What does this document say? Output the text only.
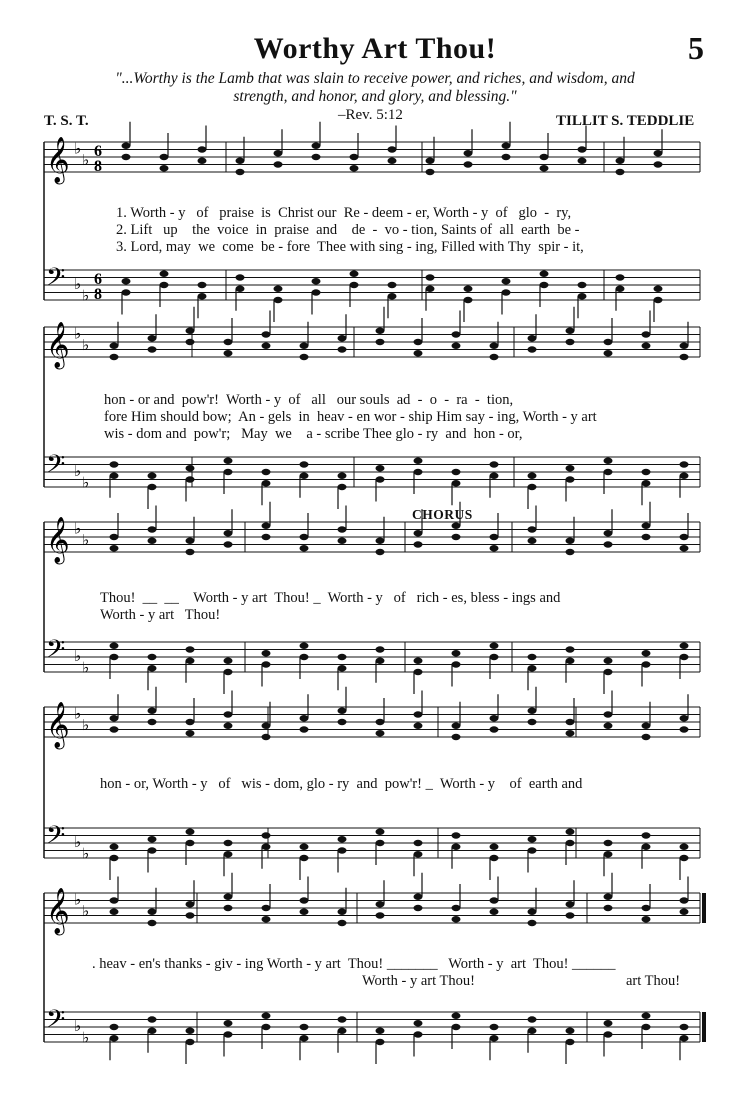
Worthy Art Thou!	5
"...Worthy is the Lamb that was slain to receive power, and riches, and wisdom, and
strength, and honor, and glory, and blessing."
–Rev. 5:12
T. S. T.	TILLIT S. TEDDLIE
CHORUS
𝄞 ♭
♭ 6
8
𝄢 ♭
♭
6
8
𝄞 ♭
♭
𝄢 ♭
♭
𝄞 ♭
♭
𝄢 ♭
♭
𝄞 ♭
♭
𝄢 ♭
♭
𝄞 ♭
♭
𝄢 ♭
♭
1. Worth - y   of   praise  is  Christ our  Re - deem - er, Worth - y  of   glo  -  ry,
2. Lift   up    the  voice  in  praise  and    de  -  vo - tion, Saints of  all  earth  be -
3. Lord, may  we  come  be - fore  Thee with sing - ing, Filled with Thy  spir - it,
hon - or and  pow'r!  Worth - y  of   all   our souls  ad  -  o  -  ra  -  tion,
fore Him should bow;  An - gels  in  heav - en wor - ship Him say - ing, Worth - y art
wis - dom and  pow'r;   May  we    a - scribe Thee glo - ry  and  hon - or,
Thou!  __  __    Worth - y art  Thou! _  Worth - y   of   rich - es, bless - ings and
Worth - y art   Thou!
hon - or, Worth - y   of   wis - dom, glo - ry  and  pow'r! _  Worth - y    of  earth and
. heav - en's thanks - giv - ing Worth - y art  Thou! _______   Worth - y  art  Thou! ______
Worth - y art Thou!	art Thou!
